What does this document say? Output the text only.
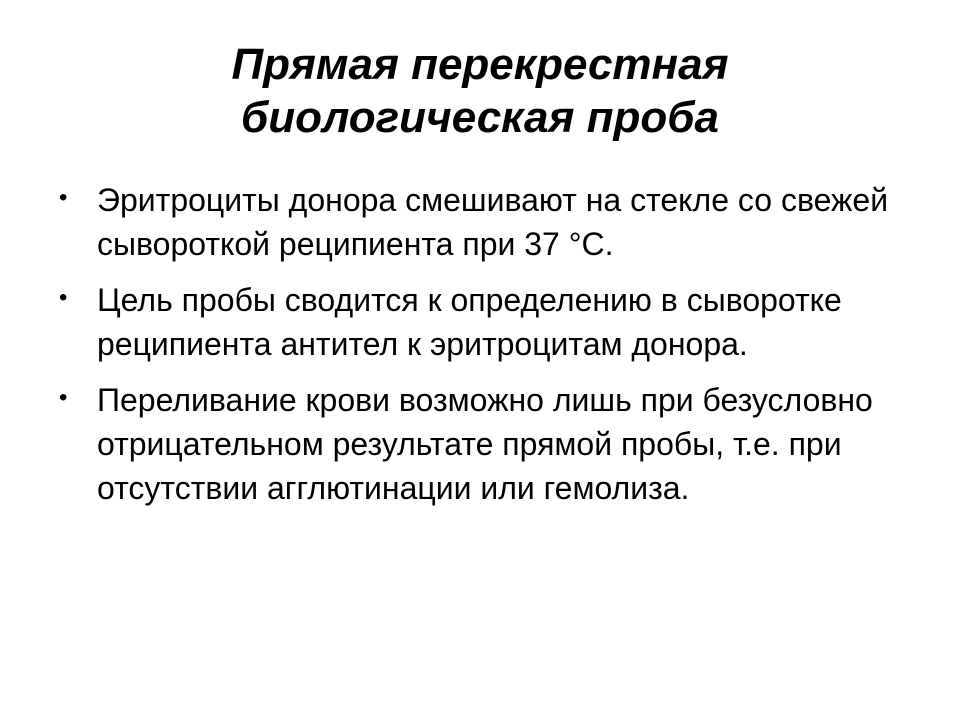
Прямая перекрестная
биологическая проба
• Эритроциты донора смешивают на стекле со свежей сывороткой реципиента при 37 °С.
• Цель пробы сводится к определению в сыворотке реципиента антител к эритроцитам донора.
• Переливание крови возможно лишь при безусловно отрицательном результате прямой пробы, т.е. при отсутствии агглютинации или гемолиза.
